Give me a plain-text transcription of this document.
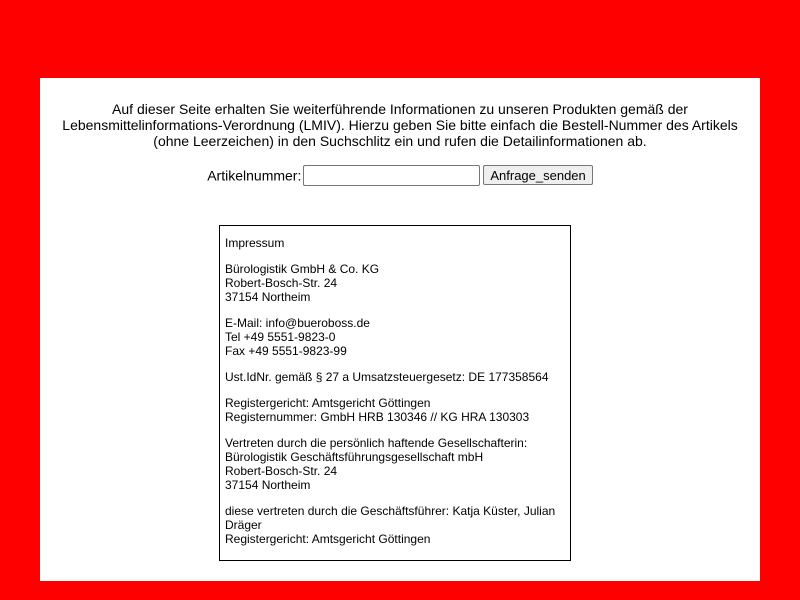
Auf dieser Seite erhalten Sie weiterführende Informationen zu unseren Produkten gemäß der
Lebensmittelinformations-Verordnung (LMIV). Hierzu geben Sie bitte einfach die Bestell-Nummer des Artikels
(ohne Leerzeichen) in den Suchschlitz ein und rufen die Detailinformationen ab.
Artikelnummer:	Anfrage_senden

Impressum

Bürologistik GmbH & Co. KG
Robert-Bosch-Str. 24
37154 Northeim

E-Mail: info@bueroboss.de
Tel +49 5551-9823-0
Fax +49 5551-9823-99

Ust.IdNr. gemäß § 27 a Umsatzsteuergesetz: DE 177358564

Registergericht: Amtsgericht Göttingen
Registernummer: GmbH HRB 130346 // KG HRA 130303

Vertreten durch die persönlich haftende Gesellschafterin:
Bürologistik Geschäftsführungsgesellschaft mbH
Robert-Bosch-Str. 24
37154 Northeim

diese vertreten durch die Geschäftsführer: Katja Küster, Julian
Dräger
Registergericht: Amtsgericht Göttingen
